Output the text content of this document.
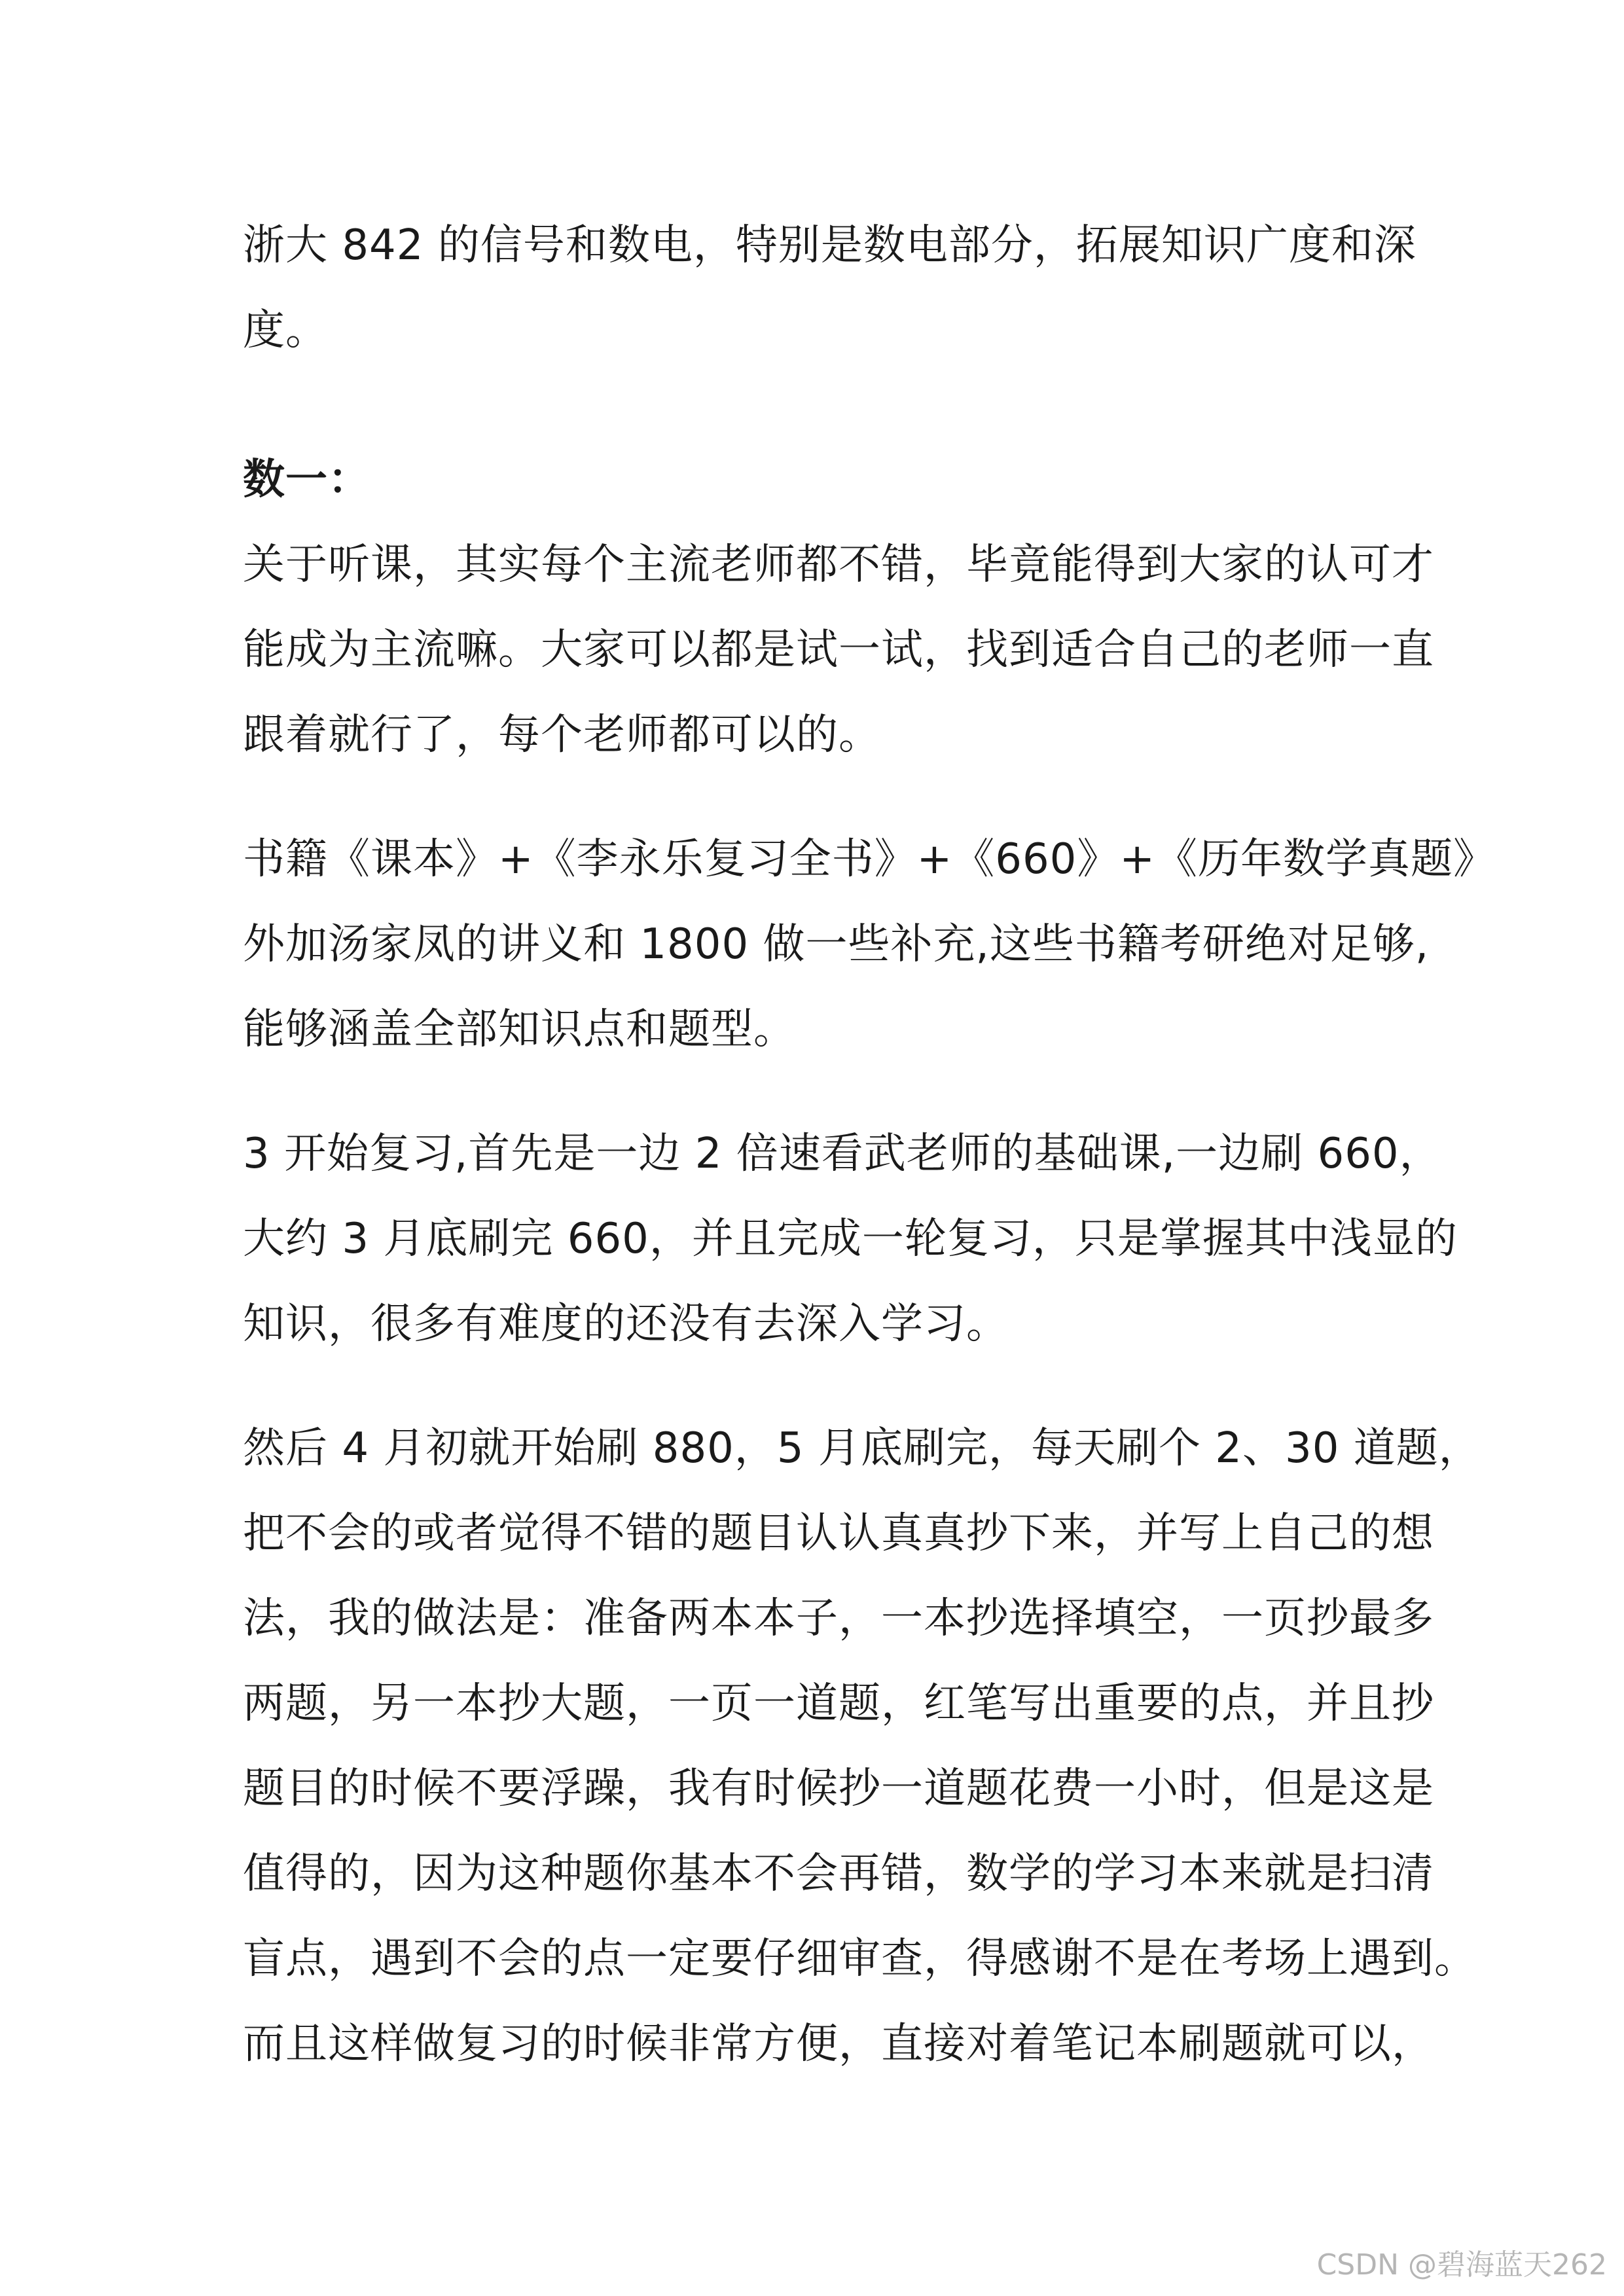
浙大 842 的信号和数电，特别是数电部分，拓展知识广度和深
度。
数一：
关于听课，其实每个主流老师都不错，毕竟能得到大家的认可才
能成为主流嘛。大家可以都是试一试，找到适合自己的老师一直
跟着就行了，每个老师都可以的。
书籍《课本》+《李永乐复习全书》+《660》+《历年数学真题》
外加汤家凤的讲义和 1800 做一些补充,这些书籍考研绝对足够,
能够涵盖全部知识点和题型。
3 开始复习,首先是一边 2 倍速看武老师的基础课,一边刷 660，
大约 3 月底刷完 660，并且完成一轮复习，只是掌握其中浅显的
知识，很多有难度的还没有去深入学习。
然后 4 月初就开始刷 880，5 月底刷完，每天刷个 2、30 道题，
把不会的或者觉得不错的题目认认真真抄下来，并写上自己的想
法，我的做法是：准备两本本子，一本抄选择填空，一页抄最多
两题，另一本抄大题，一页一道题，红笔写出重要的点，并且抄
题目的时候不要浮躁，我有时候抄一道题花费一小时，但是这是
值得的，因为这种题你基本不会再错，数学的学习本来就是扫清
盲点，遇到不会的点一定要仔细审查，得感谢不是在考场上遇到。
而且这样做复习的时候非常方便，直接对着笔记本刷题就可以，
CSDN @碧海蓝天262
